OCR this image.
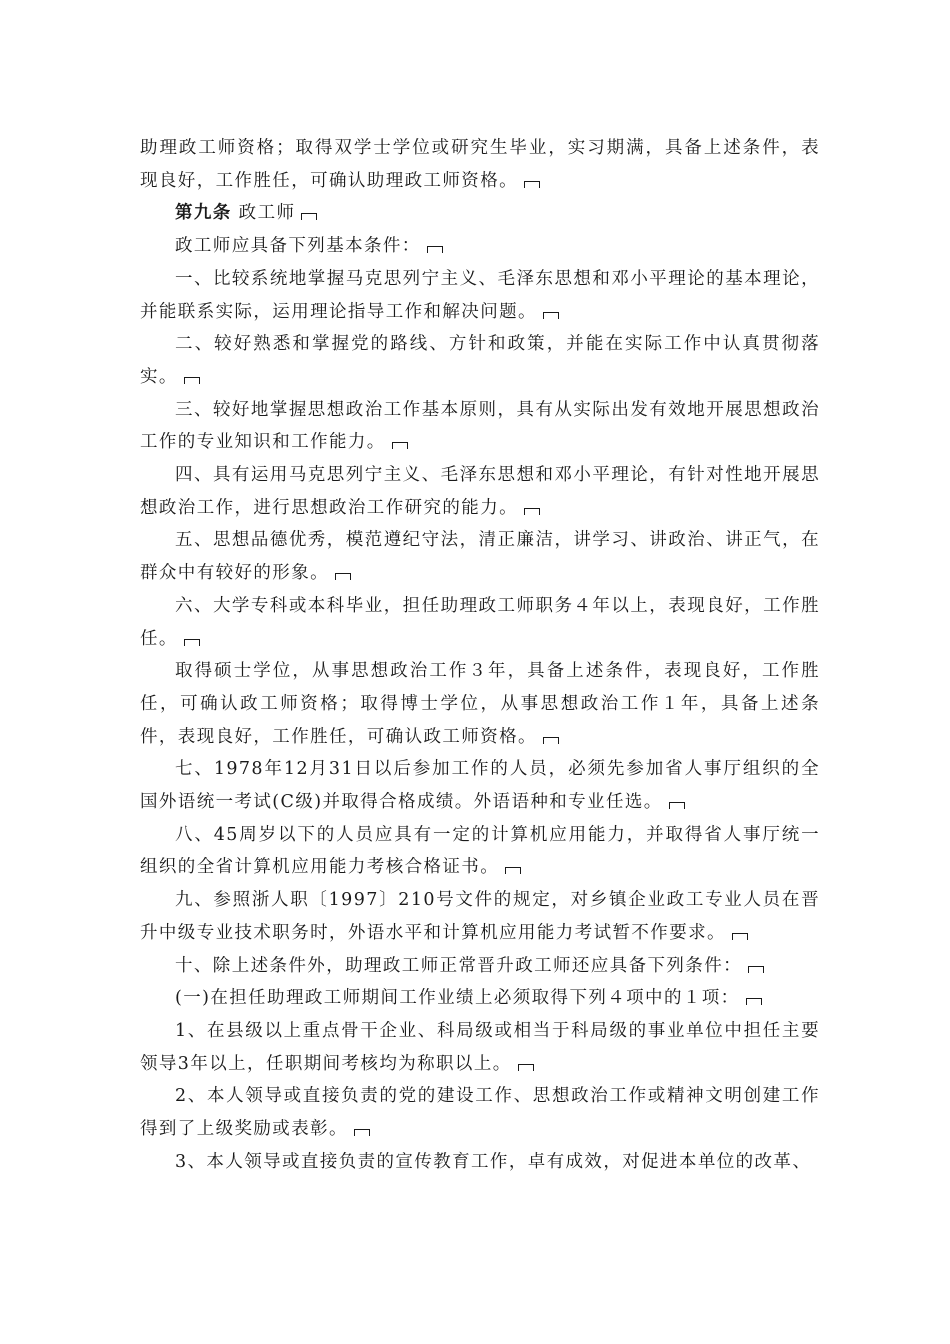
助理政工师资格；取得双学士学位或研究生毕业，实习期满，具备上述条件，表现良好，工作胜任，可确认助理政工师资格。

第九条 政工师

政工师应具备下列基本条件：

一、比较系统地掌握马克思列宁主义、毛泽东思想和邓小平理论的基本理论，并能联系实际，运用理论指导工作和解决问题。

二、较好熟悉和掌握党的路线、方针和政策，并能在实际工作中认真贯彻落实。

三、较好地掌握思想政治工作基本原则，具有从实际出发有效地开展思想政治工作的专业知识和工作能力。

四、具有运用马克思列宁主义、毛泽东思想和邓小平理论，有针对性地开展思想政治工作，进行思想政治工作研究的能力。

五、思想品德优秀，模范遵纪守法，清正廉洁，讲学习、讲政治、讲正气，在群众中有较好的形象。

六、大学专科或本科毕业，担任助理政工师职务４年以上，表现良好，工作胜任。

取得硕士学位，从事思想政治工作３年，具备上述条件，表现良好，工作胜任，可确认政工师资格；取得博士学位，从事思想政治工作１年，具备上述条件，表现良好，工作胜任，可确认政工师资格。

七、1978年12月31日以后参加工作的人员，必须先参加省人事厅组织的全国外语统一考试(C级)并取得合格成绩。外语语种和专业任选。

八、45周岁以下的人员应具有一定的计算机应用能力，并取得省人事厅统一组织的全省计算机应用能力考核合格证书。

九、参照浙人职〔1997〕210号文件的规定，对乡镇企业政工专业人员在晋升中级专业技术职务时，外语水平和计算机应用能力考试暂不作要求。

十、除上述条件外，助理政工师正常晋升政工师还应具备下列条件：

(一)在担任助理政工师期间工作业绩上必须取得下列４项中的１项：

1、在县级以上重点骨干企业、科局级或相当于科局级的事业单位中担任主要领导3年以上，任职期间考核均为称职以上。

2、本人领导或直接负责的党的建设工作、思想政治工作或精神文明创建工作得到了上级奖励或表彰。

3、本人领导或直接负责的宣传教育工作，卓有成效，对促进本单位的改革、
